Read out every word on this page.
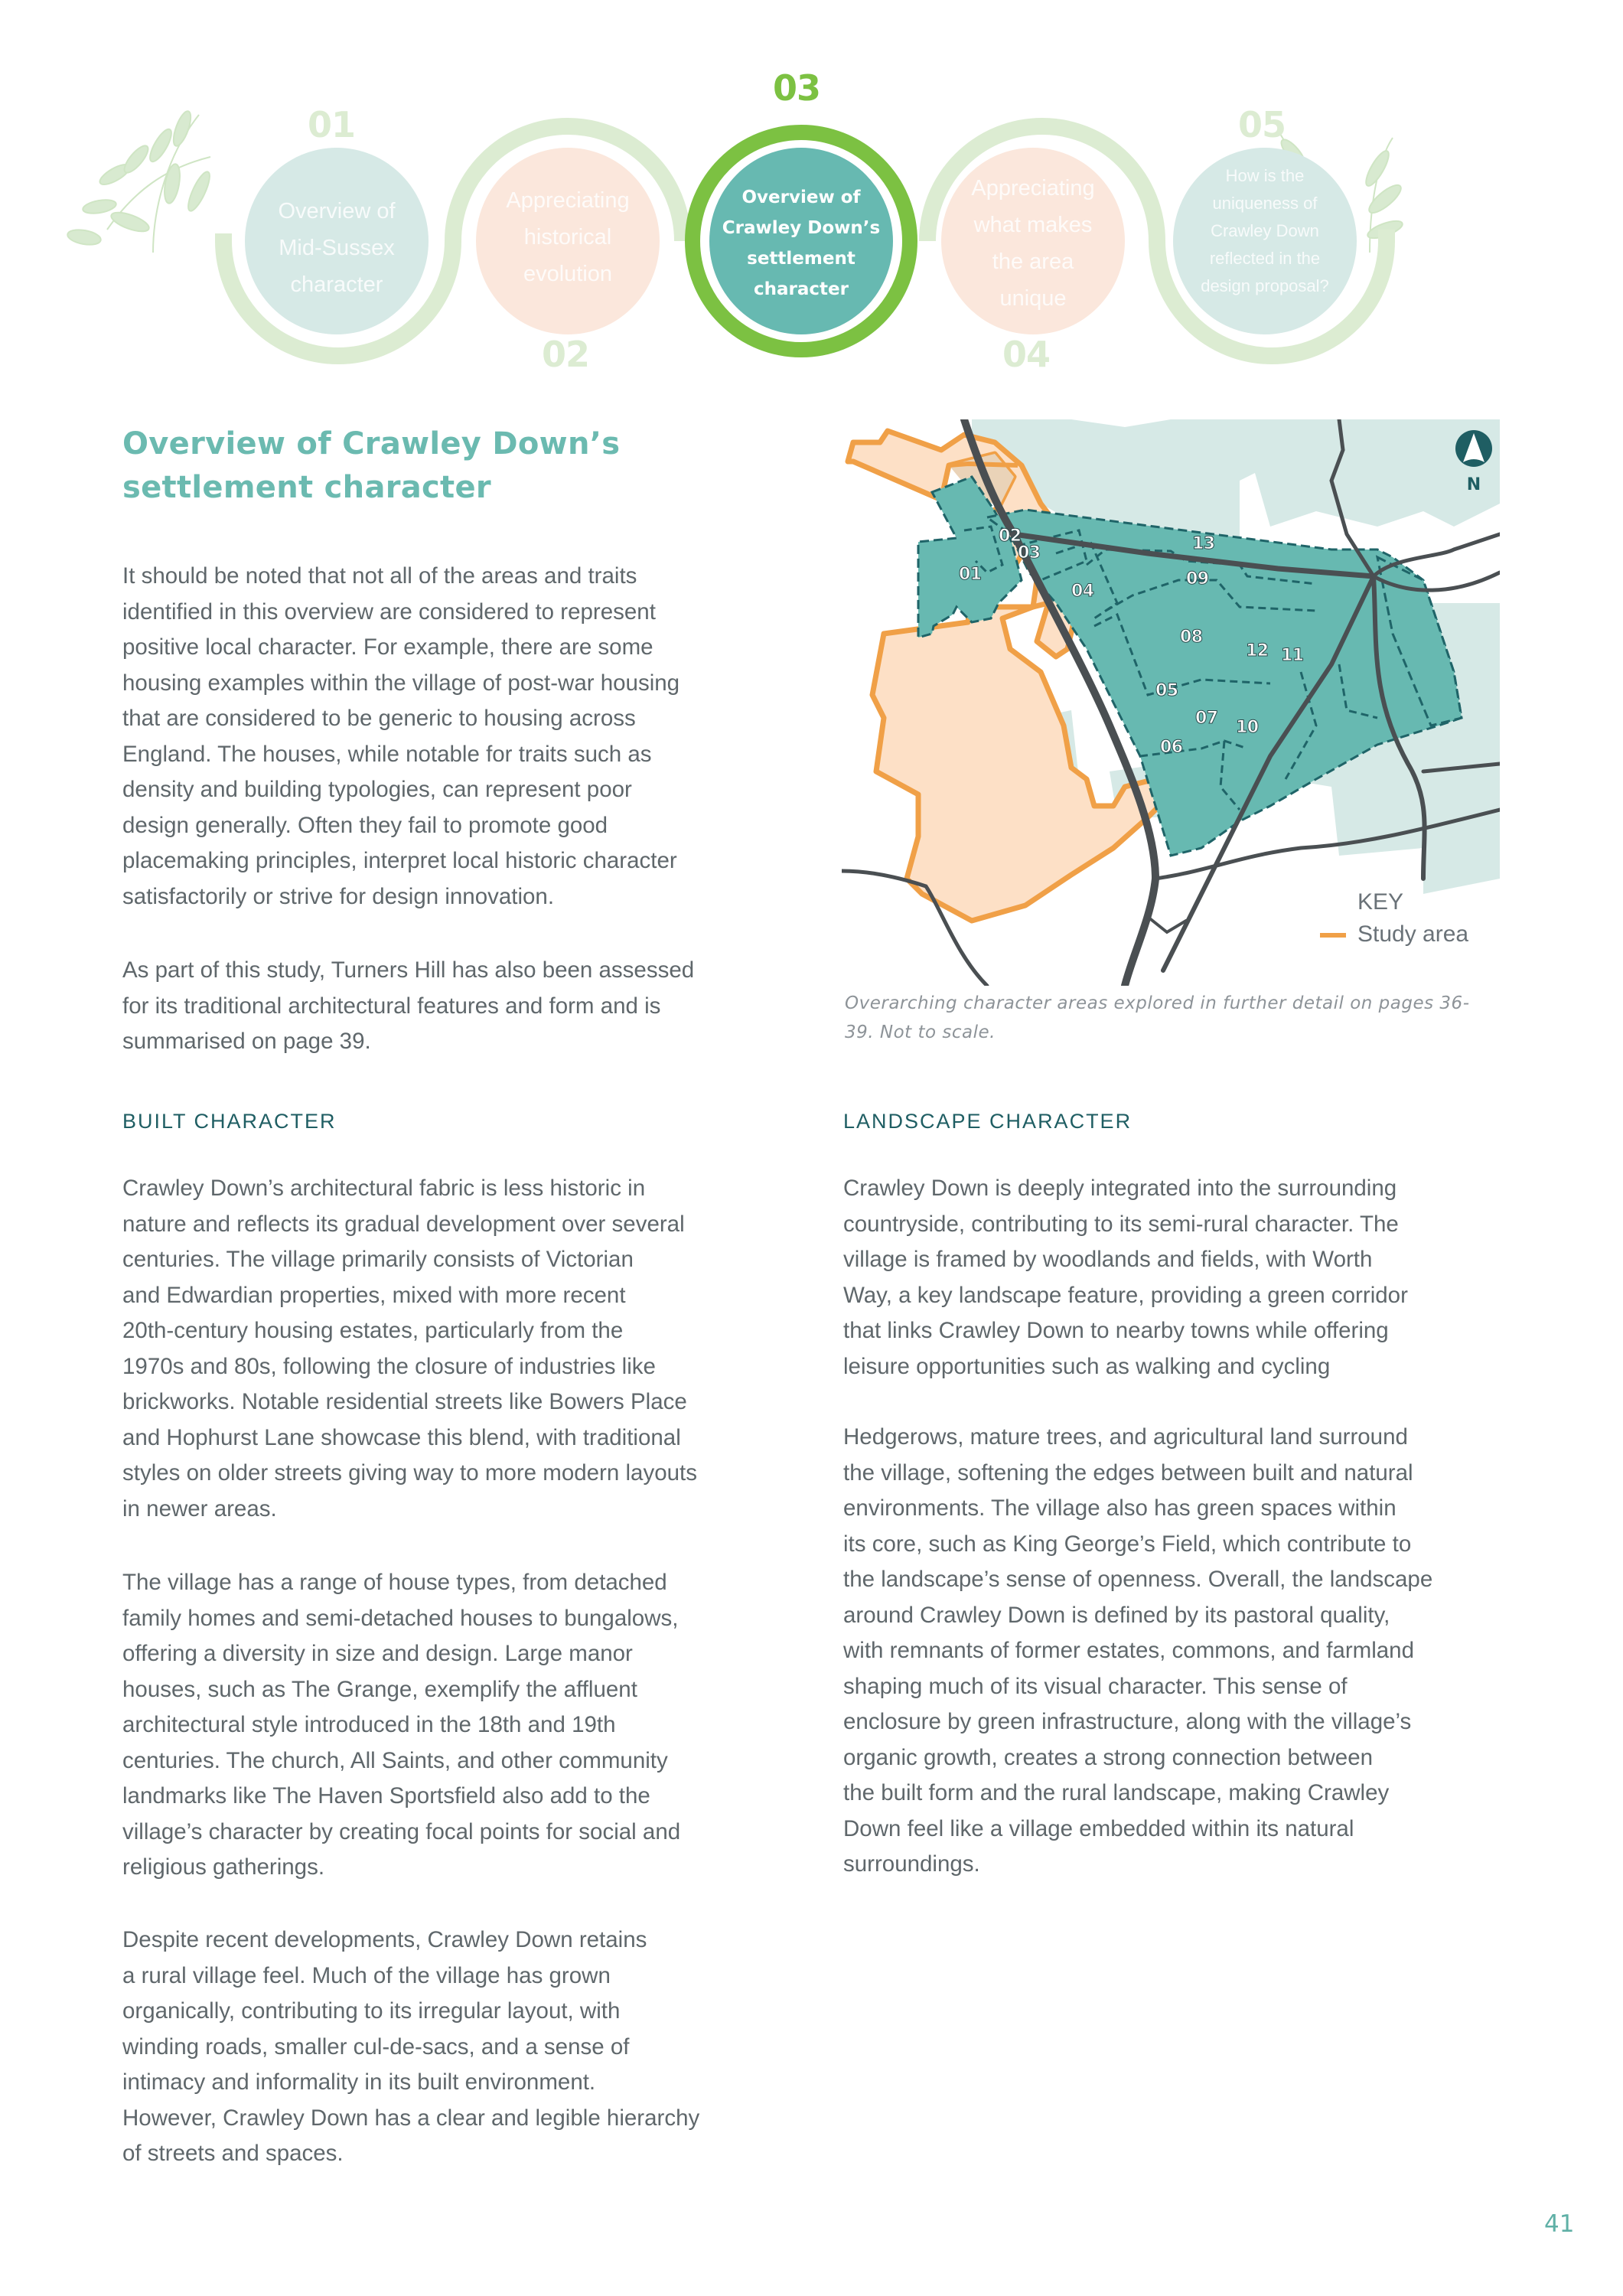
01
02
03
04
05
Overview of
Mid-Sussex
character
Appreciating
historical
evolution
Overview of
Crawley Down’s
settlement
character
Appreciating
what makes
the area
unique
How is the
uniqueness of
Crawley Down
reflected in the
design proposal?
Overview of Crawley Down’s
settlement character

It should be noted that not all of the areas and traits
identified in this overview are considered to represent
positive local character. For example, there are some
housing examples within the village of post-war housing
that are considered to be generic to housing across
England. The houses, while notable for traits such as
density and building typologies, can represent poor
design generally. Often they fail to promote good
placemaking principles, interpret local historic character
satisfactorily or strive for design innovation.

As part of this study, Turners Hill has also been assessed
for its traditional architectural features and form and is
summarised on page 39.

N
01
02
03
04
05
06
07
08
09
10
11
12
13
KEY
Study area
Overarching character areas explored in further detail on pages 36-
39. Not to scale.
BUILT CHARACTER

Crawley Down’s architectural fabric is less historic in
nature and reflects its gradual development over several
centuries. The village primarily consists of Victorian
and Edwardian properties, mixed with more recent
20th-century housing estates, particularly from the
1970s and 80s, following the closure of industries like
brickworks. Notable residential streets like Bowers Place
and Hophurst Lane showcase this blend, with traditional
styles on older streets giving way to more modern layouts
in newer areas.

The village has a range of house types, from detached
family homes and semi-detached houses to bungalows,
offering a diversity in size and design. Large manor
houses, such as The Grange, exemplify the affluent
architectural style introduced in the 18th and 19th
centuries. The church, All Saints, and other community
landmarks like The Haven Sportsfield also add to the
village’s character by creating focal points for social and
religious gatherings.

Despite recent developments, Crawley Down retains
a rural village feel. Much of the village has grown
organically, contributing to its irregular layout, with
winding roads, smaller cul-de-sacs, and a sense of
intimacy and informality in its built environment.
However, Crawley Down has a clear and legible hierarchy
of streets and spaces.

LANDSCAPE CHARACTER

Crawley Down is deeply integrated into the surrounding
countryside, contributing to its semi-rural character. The
village is framed by woodlands and fields, with Worth
Way, a key landscape feature, providing a green corridor
that links Crawley Down to nearby towns while offering
leisure opportunities such as walking and cycling

Hedgerows, mature trees, and agricultural land surround
the village, softening the edges between built and natural
environments. The village also has green spaces within
its core, such as King George’s Field, which contribute to
the landscape’s sense of openness. Overall, the landscape
around Crawley Down is defined by its pastoral quality,
with remnants of former estates, commons, and farmland
shaping much of its visual character. This sense of
enclosure by green infrastructure, along with the village’s
organic growth, creates a strong connection between
the built form and the rural landscape, making Crawley
Down feel like a village embedded within its natural
surroundings.

41
